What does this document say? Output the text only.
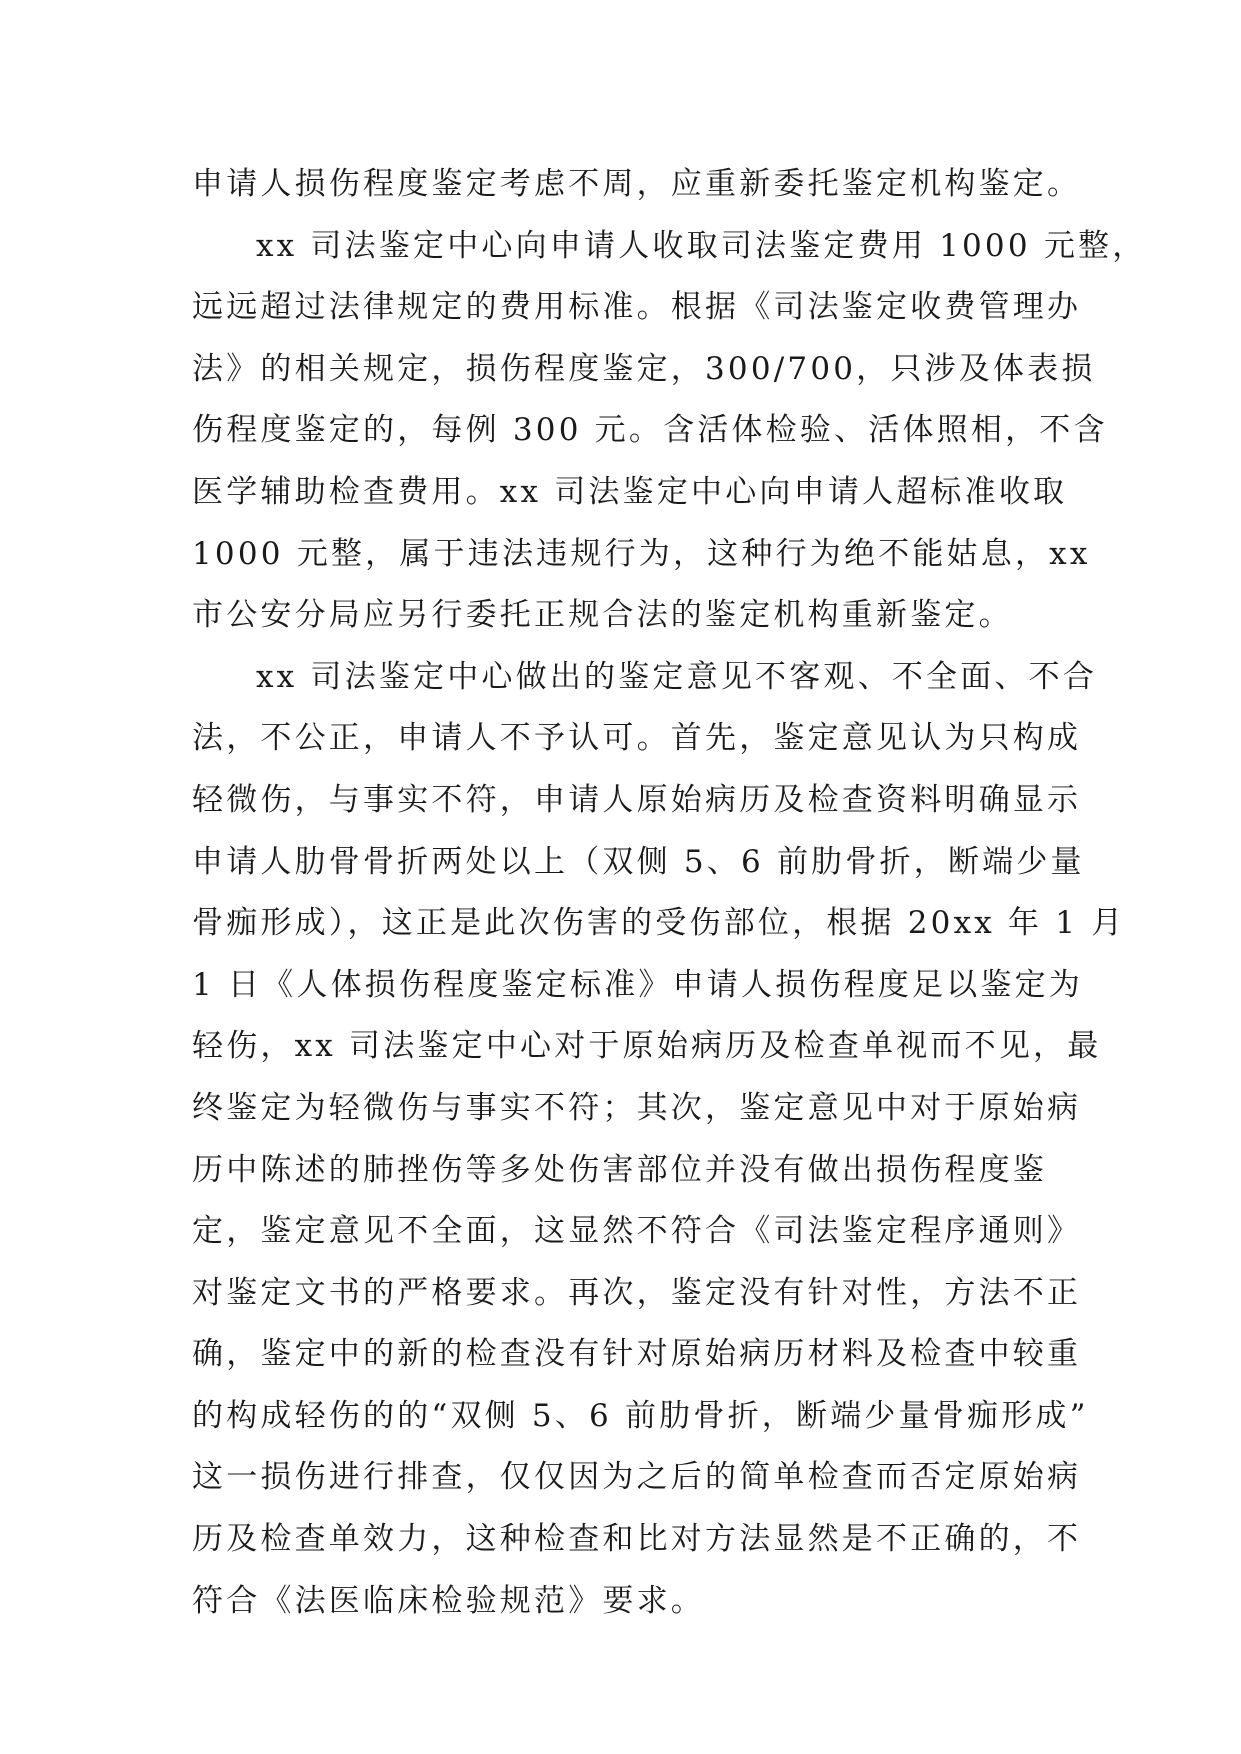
申请人损伤程度鉴定考虑不周，应重新委托鉴定机构鉴定。
xx 司法鉴定中心向申请人收取司法鉴定费用 1000 元整，
远远超过法律规定的费用标准。根据《司法鉴定收费管理办
法》的相关规定，损伤程度鉴定，300/700，只涉及体表损
伤程度鉴定的，每例 300 元。含活体检验、活体照相，不含
医学辅助检查费用。xx 司法鉴定中心向申请人超标准收取
1000 元整，属于违法违规行为，这种行为绝不能姑息，xx
市公安分局应另行委托正规合法的鉴定机构重新鉴定。
xx 司法鉴定中心做出的鉴定意见不客观、不全面、不合
法，不公正，申请人不予认可。首先，鉴定意见认为只构成
轻微伤，与事实不符，申请人原始病历及检查资料明确显示
申请人肋骨骨折两处以上（双侧 5、6 前肋骨折，断端少量
骨痂形成），这正是此次伤害的受伤部位，根据 20xx 年 1 月
1 日《人体损伤程度鉴定标准》申请人损伤程度足以鉴定为
轻伤，xx 司法鉴定中心对于原始病历及检查单视而不见，最
终鉴定为轻微伤与事实不符；其次，鉴定意见中对于原始病
历中陈述的肺挫伤等多处伤害部位并没有做出损伤程度鉴
定，鉴定意见不全面，这显然不符合《司法鉴定程序通则》
对鉴定文书的严格要求。再次，鉴定没有针对性，方法不正
确，鉴定中的新的检查没有针对原始病历材料及检查中较重
的构成轻伤的的“双侧 5、6 前肋骨折，断端少量骨痂形成”
这一损伤进行排查，仅仅因为之后的简单检查而否定原始病
历及检查单效力，这种检查和比对方法显然是不正确的，不
符合《法医临床检验规范》要求。
